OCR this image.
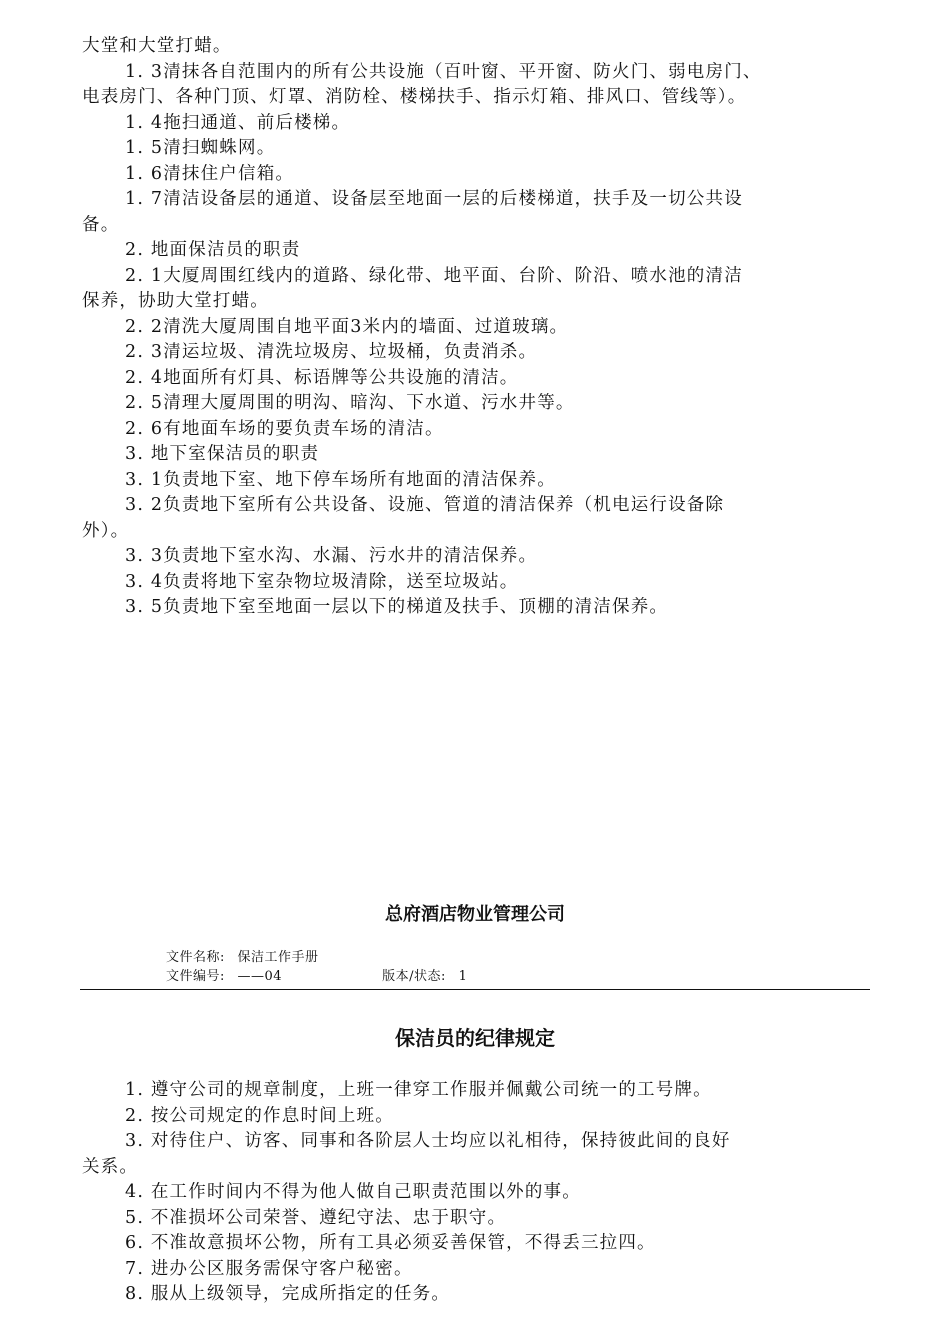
大堂和大堂打蜡。
1. 3清抹各自范围内的所有公共设施（百叶窗、平开窗、防火门、弱电房门、
电表房门、各种门顶、灯罩、消防栓、楼梯扶手、指示灯箱、排风口、管线等）。
1. 4拖扫通道、前后楼梯。
1. 5清扫蜘蛛网。
1. 6清抹住户信箱。
1. 7清洁设备层的通道、设备层至地面一层的后楼梯道，扶手及一切公共设
备。
2. 地面保洁员的职责
2. 1大厦周围红线内的道路、绿化带、地平面、台阶、阶沿、喷水池的清洁
保养，协助大堂打蜡。
2. 2清洗大厦周围自地平面3米内的墙面、过道玻璃。
2. 3清运垃圾、清洗垃圾房、垃圾桶，负责消杀。
2. 4地面所有灯具、标语牌等公共设施的清洁。
2. 5清理大厦周围的明沟、暗沟、下水道、污水井等。
2. 6有地面车场的要负责车场的清洁。
3. 地下室保洁员的职责
3. 1负责地下室、地下停车场所有地面的清洁保养。
3. 2负责地下室所有公共设备、设施、管道的清洁保养（机电运行设备除
外）。
3. 3负责地下室水沟、水漏、污水井的清洁保养。
3. 4负责将地下室杂物垃圾清除，送至垃圾站。
3. 5负责地下室至地面一层以下的梯道及扶手、顶棚的清洁保养。
总府酒店物业管理公司
文件名称: 保洁工作手册
文件编号: ——04	版本/状态: 1
保洁员的纪律规定
1. 遵守公司的规章制度，上班一律穿工作服并佩戴公司统一的工号牌。
2. 按公司规定的作息时间上班。
3. 对待住户、访客、同事和各阶层人士均应以礼相待，保持彼此间的良好
关系。
4. 在工作时间内不得为他人做自己职责范围以外的事。
5. 不准损坏公司荣誉、遵纪守法、忠于职守。
6. 不准故意损坏公物，所有工具必须妥善保管，不得丢三拉四。
7. 进办公区服务需保守客户秘密。
8. 服从上级领导，完成所指定的任务。
